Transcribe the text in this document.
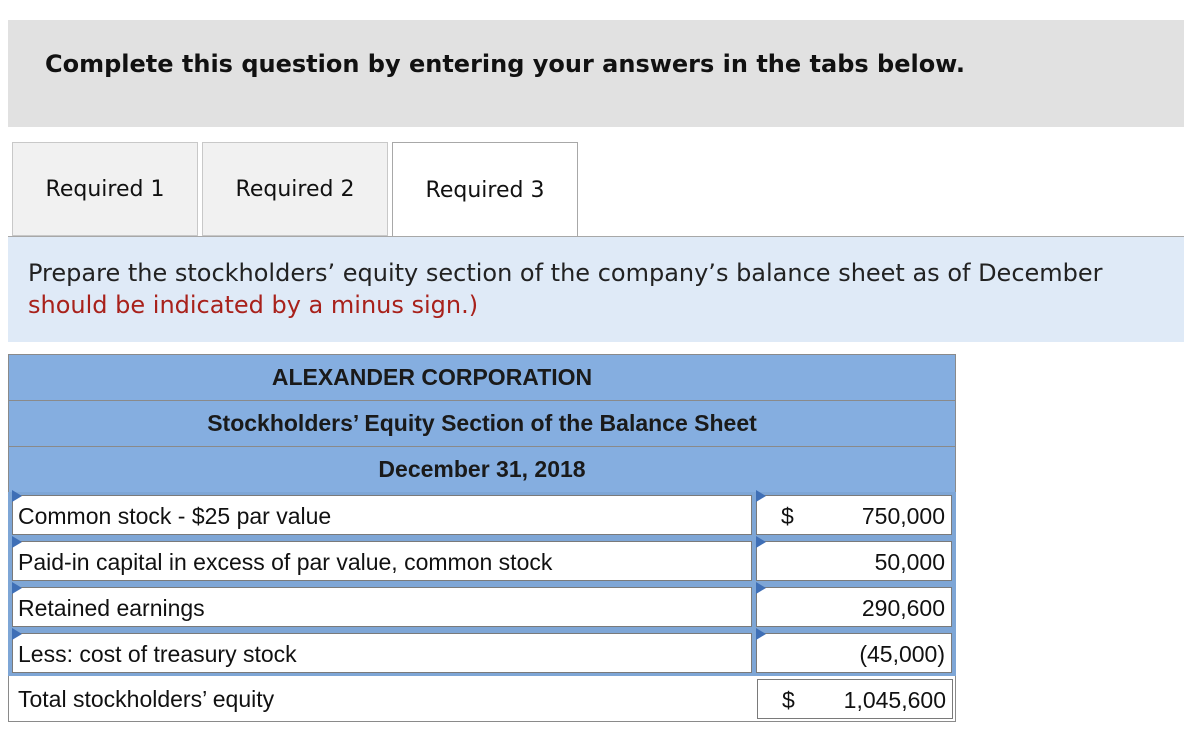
Complete this question by entering your answers in the tabs below.
Required 1	Required 2	Required 3
Prepare the stockholders’ equity section of the company’s balance sheet as of December
should be indicated by a minus sign.)
ALEXANDER CORPORATION
Stockholders’ Equity Section of the Balance Sheet
December 31, 2018
Common stock - $25 par value	$	750,000
Paid-in capital in excess of par value, common stock	50,000
Retained earnings	290,600
Less: cost of treasury stock	(45,000)
Total stockholders’ equity	$ 1,045,600
